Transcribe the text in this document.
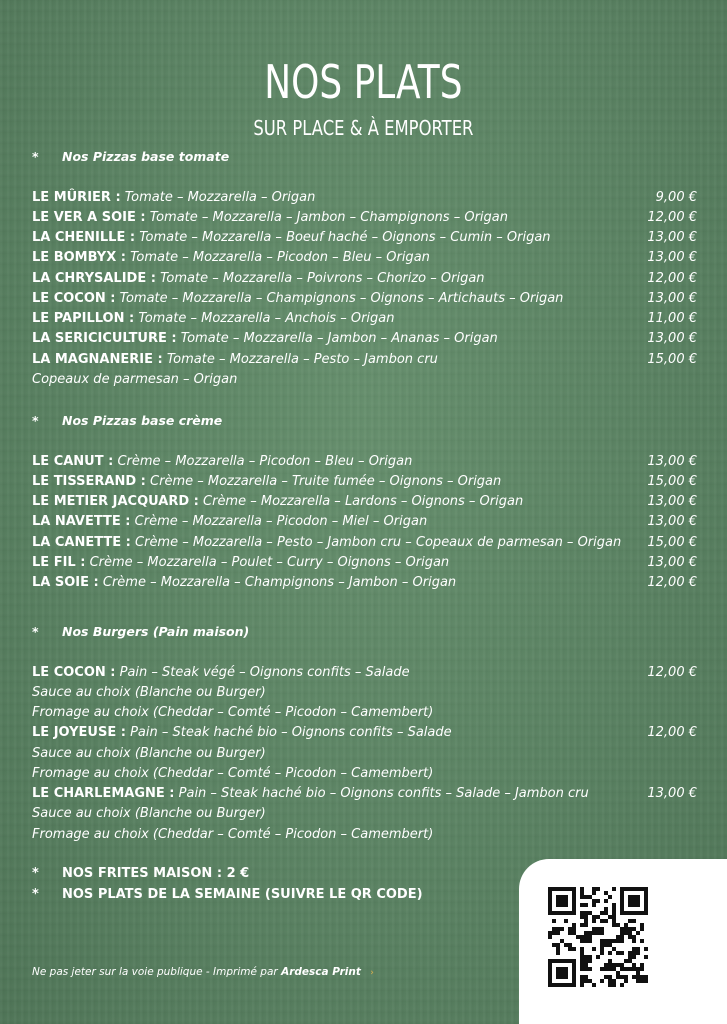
NOS PLATS
SUR PLACE & À EMPORTER
* Nos Pizzas base tomate
LE MÛRIER : Tomate – Mozzarella – Origan	9,00 €
LE VER A SOIE : Tomate – Mozzarella – Jambon – Champignons – Origan	12,00 €
LA CHENILLE : Tomate – Mozzarella – Boeuf haché – Oignons – Cumin – Origan	13,00 €
LE BOMBYX : Tomate – Mozzarella – Picodon – Bleu – Origan	13,00 €
LA CHRYSALIDE : Tomate – Mozzarella – Poivrons – Chorizo – Origan	12,00 €
LE COCON : Tomate – Mozzarella – Champignons – Oignons – Artichauts – Origan	13,00 €
LE PAPILLON : Tomate – Mozzarella – Anchois – Origan	11,00 €
LA SERICICULTURE : Tomate – Mozzarella – Jambon – Ananas – Origan	13,00 €
LA MAGNANERIE : Tomate – Mozzarella – Pesto – Jambon cru	15,00 €
Copeaux de parmesan – Origan
* Nos Pizzas base crème
LE CANUT : Crème – Mozzarella – Picodon – Bleu – Origan	13,00 €
LE TISSERAND : Crème – Mozzarella – Truite fumée – Oignons – Origan	15,00 €
LE METIER JACQUARD : Crème – Mozzarella – Lardons – Oignons – Origan	13,00 €
LA NAVETTE : Crème – Mozzarella – Picodon – Miel – Origan	13,00 €
LA CANETTE : Crème – Mozzarella – Pesto – Jambon cru – Copeaux de parmesan – Origan 15,00 €
LE FIL : Crème – Mozzarella – Poulet – Curry – Oignons – Origan	13,00 €
LA SOIE : Crème – Mozzarella – Champignons – Jambon – Origan	12,00 €
* Nos Burgers (Pain maison)
LE COCON : Pain – Steak végé – Oignons confits – Salade	12,00 €
Sauce au choix (Blanche ou Burger)
Fromage au choix (Cheddar – Comté – Picodon – Camembert)
LE JOYEUSE : Pain – Steak haché bio – Oignons confits – Salade	12,00 €
Sauce au choix (Blanche ou Burger)
Fromage au choix (Cheddar – Comté – Picodon – Camembert)
LE CHARLEMAGNE : Pain – Steak haché bio – Oignons confits – Salade – Jambon cru	13,00 €
Sauce au choix (Blanche ou Burger)
Fromage au choix (Cheddar – Comté – Picodon – Camembert)
* NOS FRITES MAISON : 2 €
* NOS PLATS DE LA SEMAINE (SUIVRE LE QR CODE)
Ne pas jeter sur la voie publique - Imprimé par Ardesca Print ›
